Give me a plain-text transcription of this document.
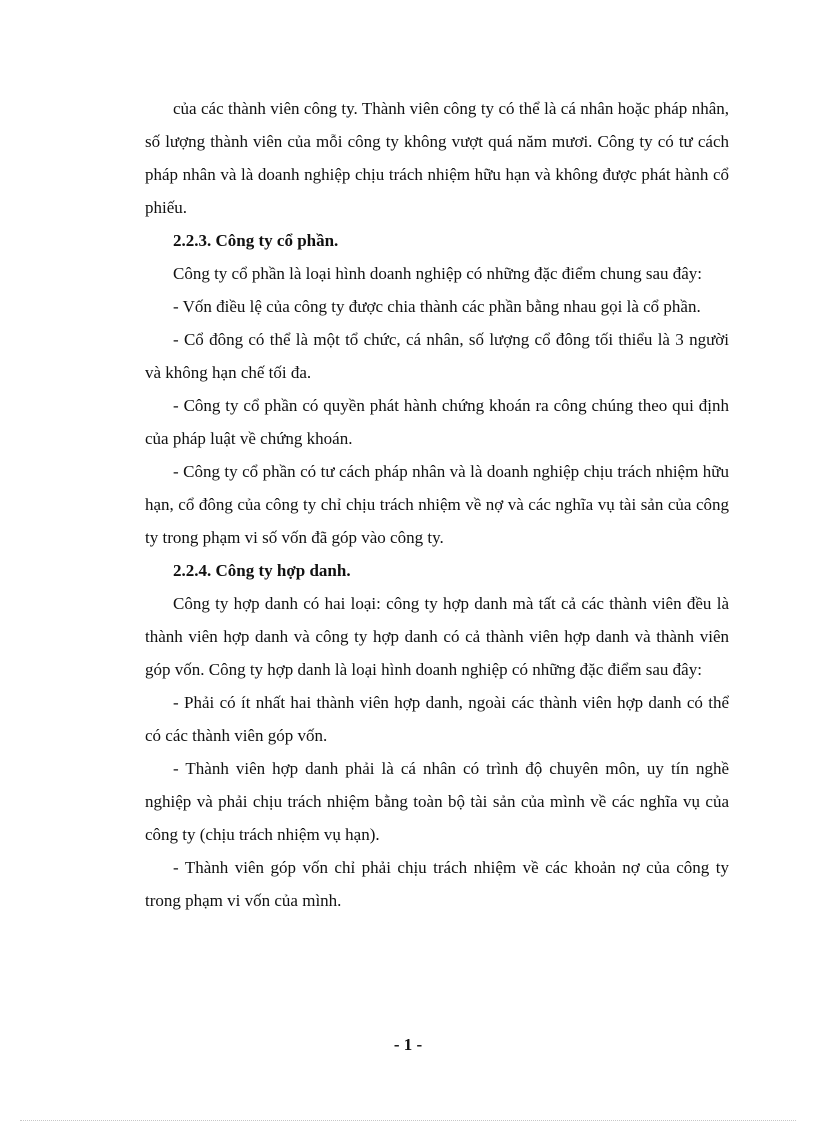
của các thành viên công ty. Thành viên công ty có thể là cá nhân hoặc pháp nhân, số lượng thành viên của mỗi công ty không vượt quá năm mươi. Công ty có tư cách pháp nhân và là doanh nghiệp chịu trách nhiệm hữu hạn và không được phát hành cổ phiếu.

2.2.3. Công ty cổ phần.

Công ty cổ phần là loại hình doanh nghiệp có những đặc điểm chung sau đây:

- Vốn điều lệ của công ty được chia thành các phần bằng nhau gọi là cổ phần.

- Cổ đông có thể là một tổ chức, cá nhân, số lượng cổ đông tối thiểu là 3 người và không hạn chế tối đa.

- Công ty cổ phần có quyền phát hành chứng khoán ra công chúng theo qui định của pháp luật về chứng khoán.

- Công ty cổ phần có tư cách pháp nhân và là doanh nghiệp chịu trách nhiệm hữu hạn, cổ đông của công ty chỉ chịu trách nhiệm về nợ và các nghĩa vụ tài sản của công ty trong phạm vi số vốn đã góp vào công ty.

2.2.4. Công ty hợp danh.

Công ty hợp danh có hai loại: công ty hợp danh mà tất cả các thành viên đều là thành viên hợp danh và công ty hợp danh có cả thành viên hợp danh và thành viên góp vốn. Công ty hợp danh là loại hình doanh nghiệp có những đặc điểm sau đây:

- Phải có ít nhất hai thành viên hợp danh, ngoài các thành viên hợp danh có thể có các thành viên góp vốn.

- Thành viên hợp danh phải là cá nhân có trình độ chuyên môn, uy tín nghề nghiệp và phải chịu trách nhiệm bằng toàn bộ tài sản của mình về các nghĩa vụ của công ty (chịu trách nhiệm vụ hạn).

- Thành viên góp vốn chỉ phải chịu trách nhiệm về các khoản nợ của công ty trong phạm vi vốn của mình.

- 1 -
